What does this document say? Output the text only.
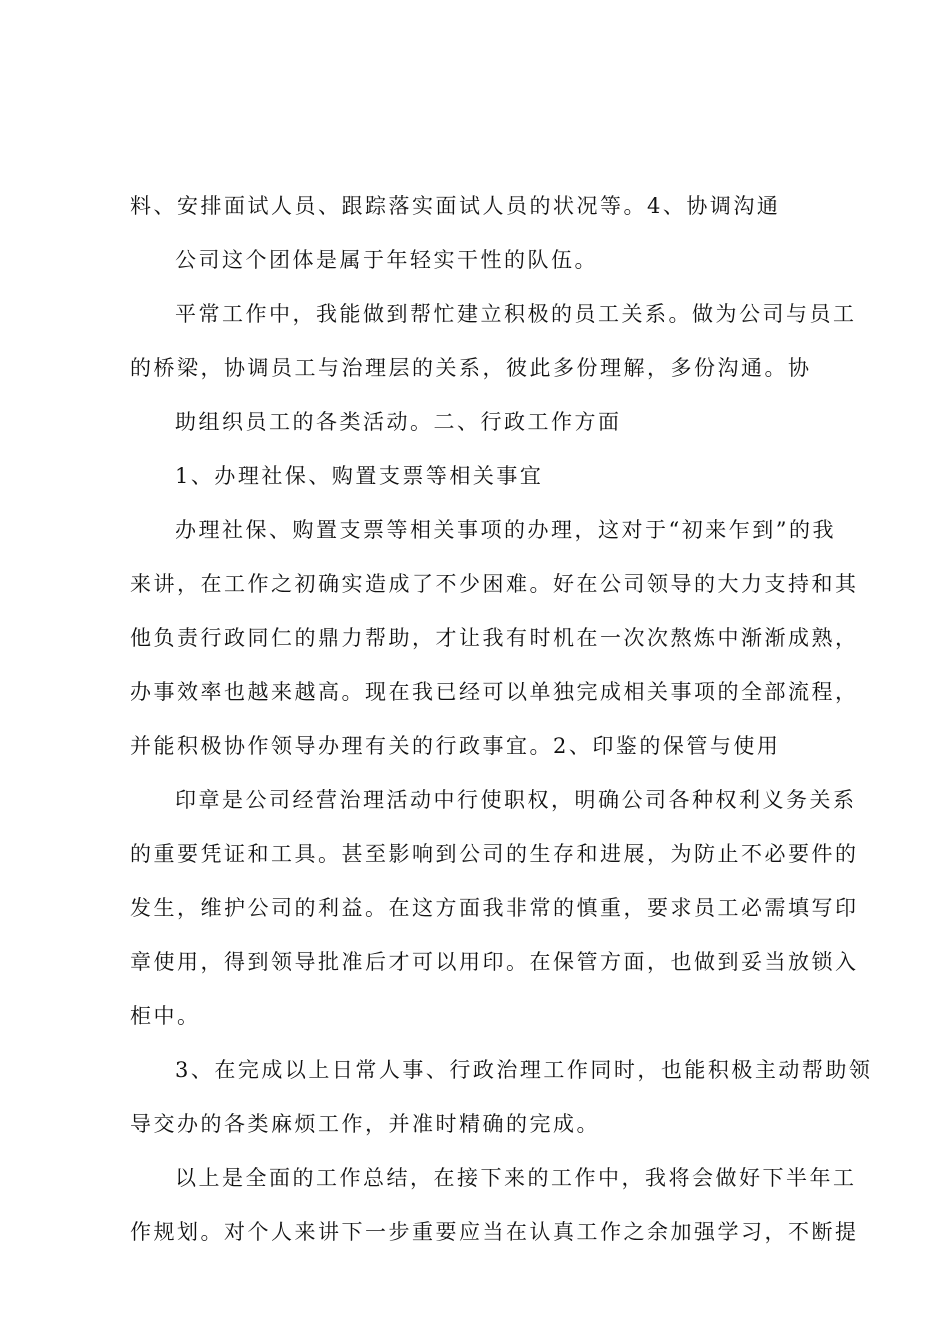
料、安排面试人员、跟踪落实面试人员的状况等。4、协调沟通
公司这个团体是属于年轻实干性的队伍。
平常工作中，我能做到帮忙建立积极的员工关系。做为公司与员工
的桥梁，协调员工与治理层的关系，彼此多份理解，多份沟通。协
助组织员工的各类活动。二、行政工作方面
1、办理社保、购置支票等相关事宜
办理社保、购置支票等相关事项的办理，这对于“初来乍到”的我
来讲，在工作之初确实造成了不少困难。好在公司领导的大力支持和其
他负责行政同仁的鼎力帮助，才让我有时机在一次次熬炼中渐渐成熟，
办事效率也越来越高。现在我已经可以单独完成相关事项的全部流程，
并能积极协作领导办理有关的行政事宜。2、印鉴的保管与使用
印章是公司经营治理活动中行使职权，明确公司各种权利义务关系
的重要凭证和工具。甚至影响到公司的生存和进展，为防止不必要件的
发生，维护公司的利益。在这方面我非常的慎重，要求员工必需填写印
章使用，得到领导批准后才可以用印。在保管方面，也做到妥当放锁入
柜中。
3、在完成以上日常人事、行政治理工作同时，也能积极主动帮助领
导交办的各类麻烦工作，并准时精确的完成。
以上是全面的工作总结，在接下来的工作中，我将会做好下半年工
作规划。对个人来讲下一步重要应当在认真工作之余加强学习，不断提
